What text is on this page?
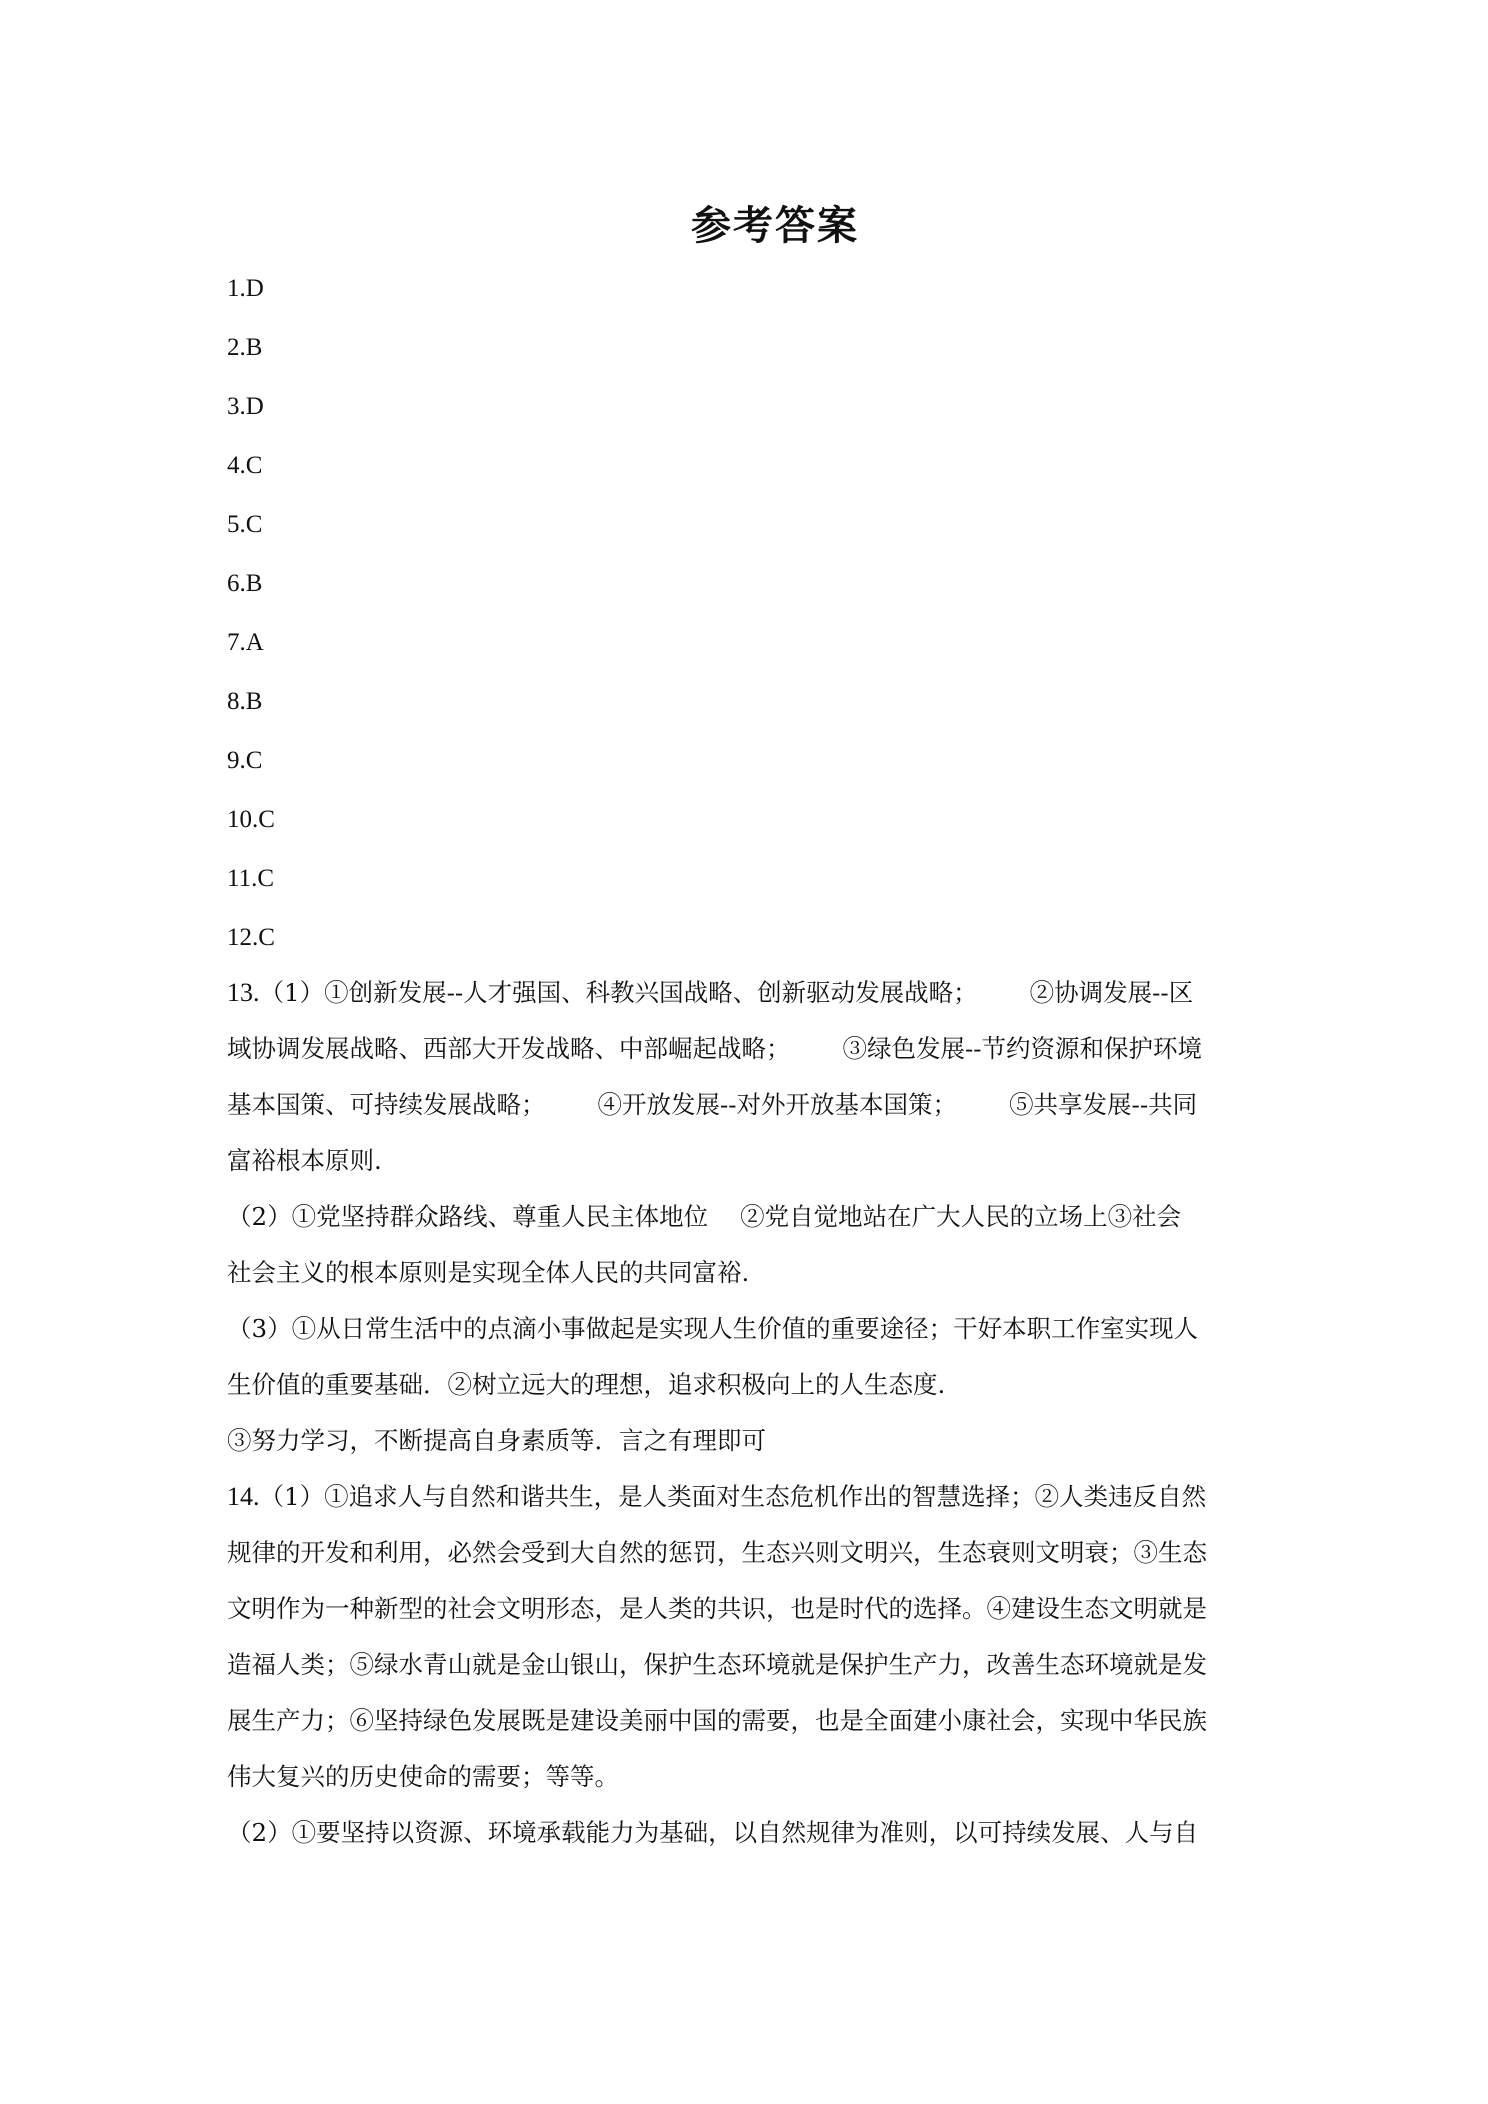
参考答案
1.D
2.B
3.D
4.C
5.C
6.B
7.A
8.B
9.C
10.C
11.C
12.C
13.（1）①创新发展--人才强国、科教兴国战略、创新驱动发展战略； ②协调发展--区
域协调发展战略、西部大开发战略、中部崛起战略； ③绿色发展--节约资源和保护环境
基本国策、可持续发展战略； ④开放发展--对外开放基本国策； ⑤共享发展--共同
富裕根本原则.
（2）①党坚持群众路线、尊重人民主体地位 ②党自觉地站在广大人民的立场上③社会
社会主义的根本原则是实现全体人民的共同富裕.
（3）①从日常生活中的点滴小事做起是实现人生价值的重要途径；干好本职工作室实现人
生价值的重要基础．②树立远大的理想，追求积极向上的人生态度.
③努力学习，不断提高自身素质等．言之有理即可
14.（1）①追求人与自然和谐共生，是人类面对生态危机作出的智慧选择；②人类违反自然
规律的开发和利用，必然会受到大自然的惩罚，生态兴则文明兴，生态衰则文明衰；③生态
文明作为一种新型的社会文明形态，是人类的共识，也是时代的选择。④建设生态文明就是
造福人类；⑤绿水青山就是金山银山，保护生态环境就是保护生产力，改善生态环境就是发
展生产力；⑥坚持绿色发展既是建设美丽中国的需要，也是全面建小康社会，实现中华民族
伟大复兴的历史使命的需要；等等。
（2）①要坚持以资源、环境承载能力为基础，以自然规律为准则，以可持续发展、人与自
